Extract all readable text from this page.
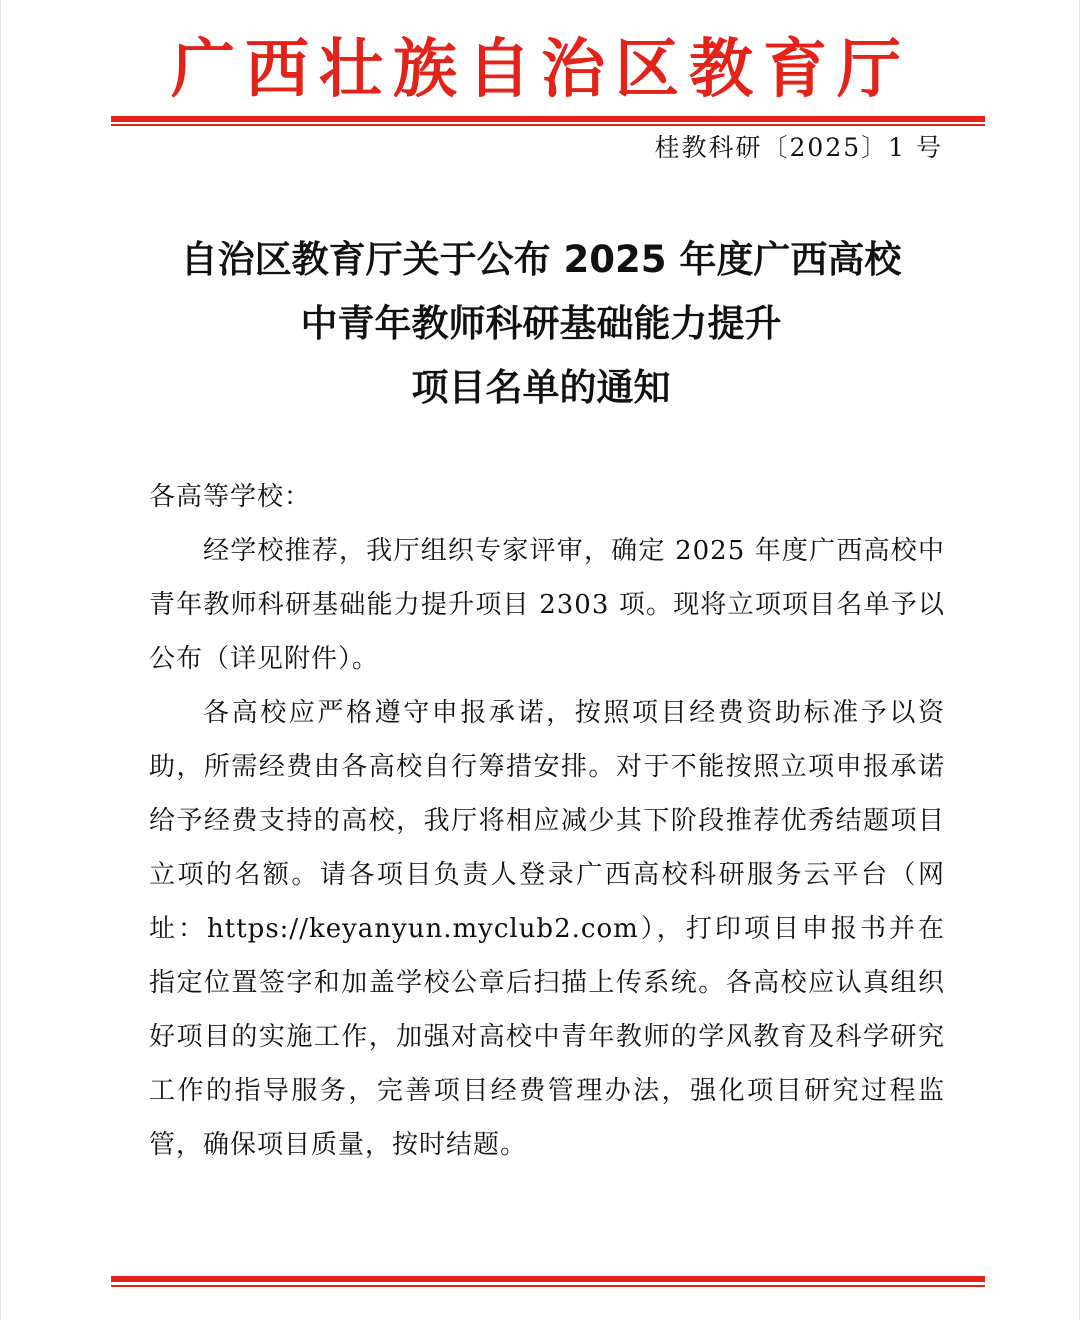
广西壮族自治区教育厅
桂教科研〔2025〕1 号
自治区教育厅关于公布 2025 年度广西高校
中青年教师科研基础能力提升
项目名单的通知

各高等学校：

经学校推荐，我厅组织专家评审，确定 2025 年度广西高校中青年教师科研基础能力提升项目 2303 项。现将立项项目名单予以公布（详见附件）。

各高校应严格遵守申报承诺，按照项目经费资助标准予以资助，所需经费由各高校自行筹措安排。对于不能按照立项申报承诺给予经费支持的高校，我厅将相应减少其下阶段推荐优秀结题项目立项的名额。请各项目负责人登录广西高校科研服务云平台（网址：https://keyanyun.myclub2.com），打印项目申报书并在指定位置签字和加盖学校公章后扫描上传系统。各高校应认真组织好项目的实施工作，加强对高校中青年教师的学风教育及科学研究工作的指导服务，完善项目经费管理办法，强化项目研究过程监管，确保项目质量，按时结题。
